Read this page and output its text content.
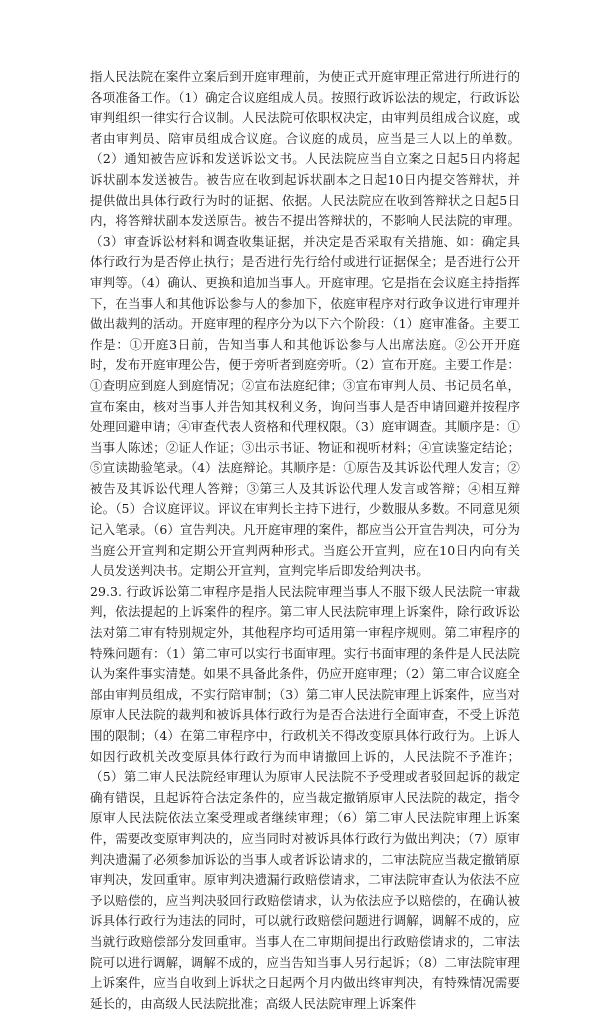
指人民法院在案件立案后到开庭审理前，为使正式开庭审理正常进行所进行的各项准备工作。（1）确定合议庭组成人员。按照行政诉讼法的规定，行政诉讼审判组织一律实行合议制。人民法院可依职权决定，由审判员组成合议庭，或者由审判员、陪审员组成合议庭。合议庭的成员，应当是三人以上的单数。（2）通知被告应诉和发送诉讼文书。人民法院应当自立案之日起5日内将起诉状副本发送被告。被告应在收到起诉状副本之日起10日内提交答辩状，并提供做出具体行政行为时的证据、依据。人民法院应在收到答辩状之日起5日内，将答辩状副本发送原告。被告不提出答辩状的，不影响人民法院的审理。（3）审查诉讼材料和调查收集证据，并决定是否采取有关措施、如：确定具体行政行为是否停止执行；是否进行先行给付或进行证据保全；是否进行公开审判等。（4）确认、更换和追加当事人。开庭审理。它是指在会议庭主持指挥下，在当事人和其他诉讼参与人的参加下，依庭审程序对行政争议进行审理并做出裁判的活动。开庭审理的程序分为以下六个阶段：（1）庭审准备。主要工作是：①开庭3日前，告知当事人和其他诉讼参与人出席法庭。②公开开庭时，发布开庭审理公告，便于旁听者到庭旁听。（2）宣布开庭。主要工作是：①查明应到庭人到庭情况；②宣布法庭纪律；③宣布审判人员、书记员名单，宣布案由，核对当事人并告知其权利义务，询问当事人是否申请回避并按程序处理回避申请；④审查代表人资格和代理权限。（3）庭审调查。其顺序是：①当事人陈述；②证人作证；③出示书证、物证和视听材料；④宣读鉴定结论；⑤宣读勘验笔录。（4）法庭辩论。其顺序是：①原告及其诉讼代理人发言；②被告及其诉讼代理人答辩；③第三人及其诉讼代理人发言或答辩；④相互辩论。（5）合议庭评议。评议在审判长主持下进行，少数服从多数。不同意见须记入笔录。（6）宣告判决。凡开庭审理的案件，都应当公开宣告判决，可分为当庭公开宣判和定期公开宣判两种形式。当庭公开宣判，应在10日内向有关人员发送判决书。定期公开宣判，宣判完毕后即发给判决书。

29.3. 行政诉讼第二审程序是指人民法院审理当事人不服下级人民法院一审裁判，依法提起的上诉案件的程序。第二审人民法院审理上诉案件，除行政诉讼法对第二审有特别规定外，其他程序均可适用第一审程序规则。第二审程序的特殊问题有：（1）第二审可以实行书面审理。实行书面审理的条件是人民法院认为案件事实清楚。如果不具备此条件，仍应开庭审理；（2）第二审合议庭全部由审判员组成，不实行陪审制；（3）第二审人民法院审理上诉案件，应当对原审人民法院的裁判和被诉具体行政行为是否合法进行全面审查，不受上诉范围的限制；（4）在第二审程序中，行政机关不得改变原具体行政行为。上诉人如因行政机关改变原具体行政行为而申请撤回上诉的，人民法院不予准许；（5）第二审人民法院经审理认为原审人民法院不予受理或者驳回起诉的裁定确有错误，且起诉符合法定条件的，应当裁定撤销原审人民法院的裁定，指令原审人民法院依法立案受理或者继续审理；（6）第二审人民法院审理上诉案件，需要改变原审判决的，应当同时对被诉具体行政行为做出判决；（7）原审判决遗漏了必须参加诉讼的当事人或者诉讼请求的，二审法院应当裁定撤销原审判决，发回重审。原审判决遗漏行政赔偿请求，二审法院审查认为依法不应予以赔偿的，应当判决驳回行政赔偿请求，认为依法应予以赔偿的，在确认被诉具体行政行为违法的同时，可以就行政赔偿问题进行调解，调解不成的，应当就行政赔偿部分发回重审。当事人在二审期间提出行政赔偿请求的，二审法院可以进行调解，调解不成的，应当告知当事人另行起诉；（8）二审法院审理上诉案件，应当自收到上诉状之日起两个月内做出终审判决，有特殊情况需要延长的，由高级人民法院批准；高级人民法院审理上诉案件
